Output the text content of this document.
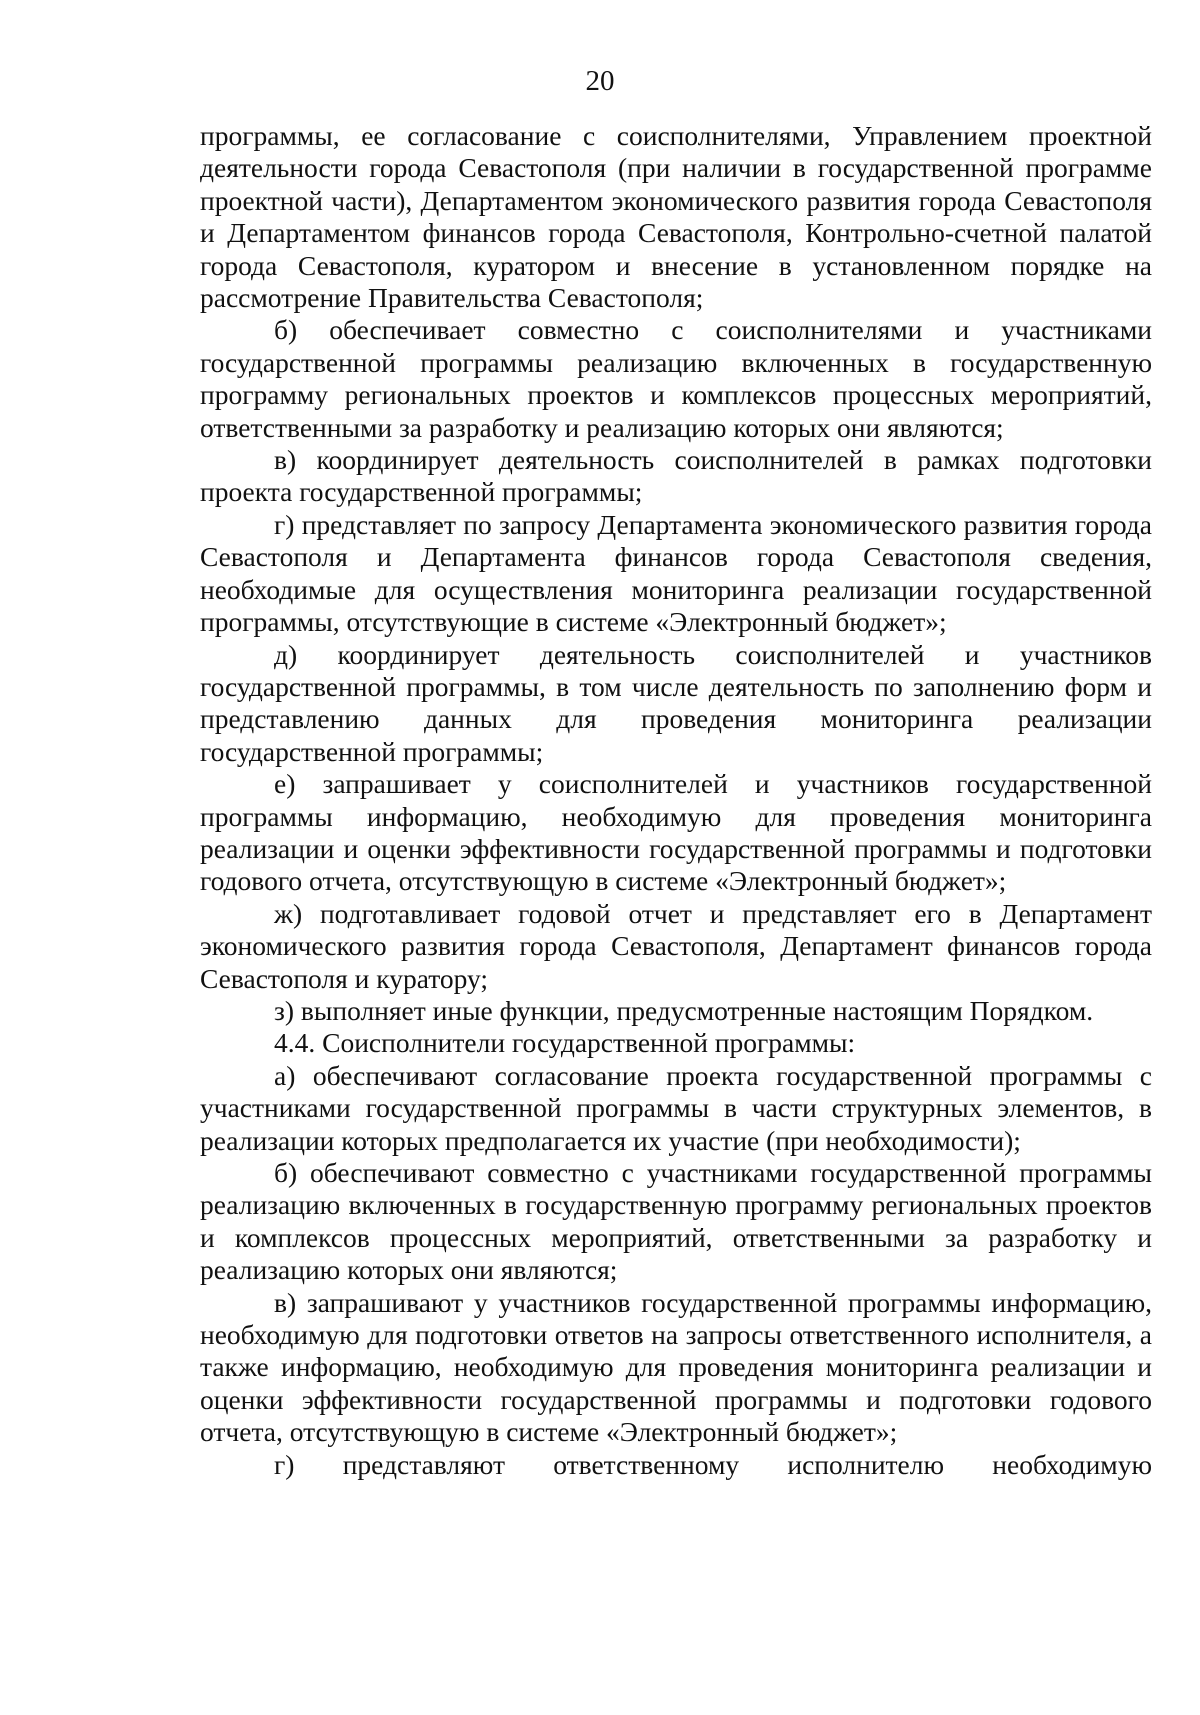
20

программы, ее согласование с соисполнителями, Управлением проектной деятельности города Севастополя (при наличии в государственной программе проектной части), Департаментом экономического развития города Севастополя и Департаментом финансов города Севастополя, Контрольно-счетной палатой города Севастополя, куратором и внесение в установленном порядке на рассмотрение Правительства Севастополя;

б) обеспечивает совместно с соисполнителями и участниками государственной программы реализацию включенных в государственную программу региональных проектов и комплексов процессных мероприятий, ответственными за разработку и реализацию которых они являются;

в) координирует деятельность соисполнителей в рамках подготовки проекта государственной программы;

г) представляет по запросу Департамента экономического развития города Севастополя и Департамента финансов города Севастополя сведения, необходимые для осуществления мониторинга реализации государственной программы, отсутствующие в системе «Электронный бюджет»;

д) координирует деятельность соисполнителей и участников государственной программы, в том числе деятельность по заполнению форм и представлению данных для проведения мониторинга реализации государственной программы;

е) запрашивает у соисполнителей и участников государственной программы информацию, необходимую для проведения мониторинга реализации и оценки эффективности государственной программы и подготовки годового отчета, отсутствующую в системе «Электронный бюджет»;

ж) подготавливает годовой отчет и представляет его в Департамент экономического развития города Севастополя, Департамент финансов города Севастополя и куратору;

з) выполняет иные функции, предусмотренные настоящим Порядком.

4.4. Соисполнители государственной программы:

а) обеспечивают согласование проекта государственной программы с участниками государственной программы в части структурных элементов, в реализации которых предполагается их участие (при необходимости);

б) обеспечивают совместно с участниками государственной программы реализацию включенных в государственную программу региональных проектов и комплексов процессных мероприятий, ответственными за разработку и реализацию которых они являются;

в) запрашивают у участников государственной программы информацию, необходимую для подготовки ответов на запросы ответственного исполнителя, а также информацию, необходимую для проведения мониторинга реализации и оценки эффективности государственной программы и подготовки годового отчета, отсутствующую в системе «Электронный бюджет»;

г) представляют ответственному исполнителю необходимую
